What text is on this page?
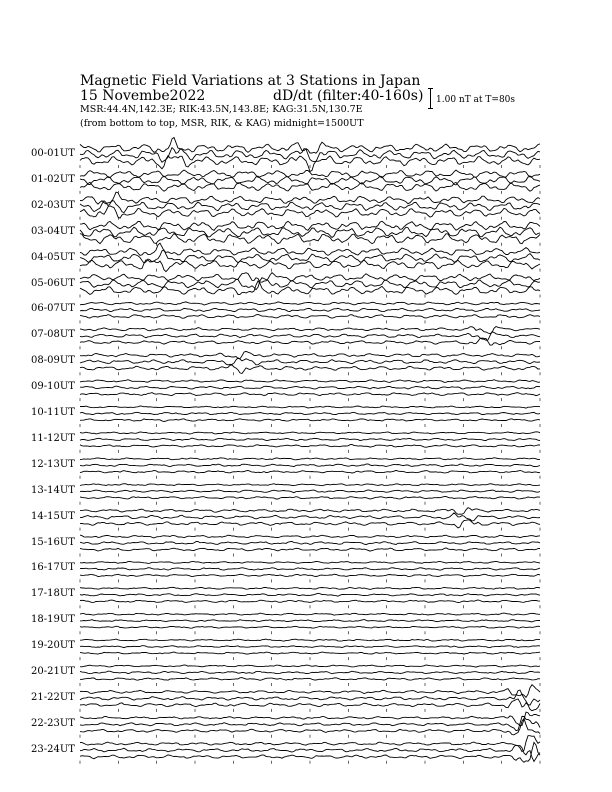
Magnetic Field Variations at 3 Stations in Japan
15 Novembe2022	dD/dt (filter:40-160s)
MSR:44.4N,142.3E; RIK:43.5N,143.8E; KAG:31.5N,130.7E
(from bottom to top, MSR, RIK, & KAG) midnight=1500UT
1.00 nT at T=80s
00-01UT
01-02UT
02-03UT
03-04UT
04-05UT
05-06UT
06-07UT
07-08UT
08-09UT
09-10UT
10-11UT
11-12UT
12-13UT
13-14UT
14-15UT
15-16UT
16-17UT
17-18UT
18-19UT
19-20UT
20-21UT
21-22UT
22-23UT
23-24UT
